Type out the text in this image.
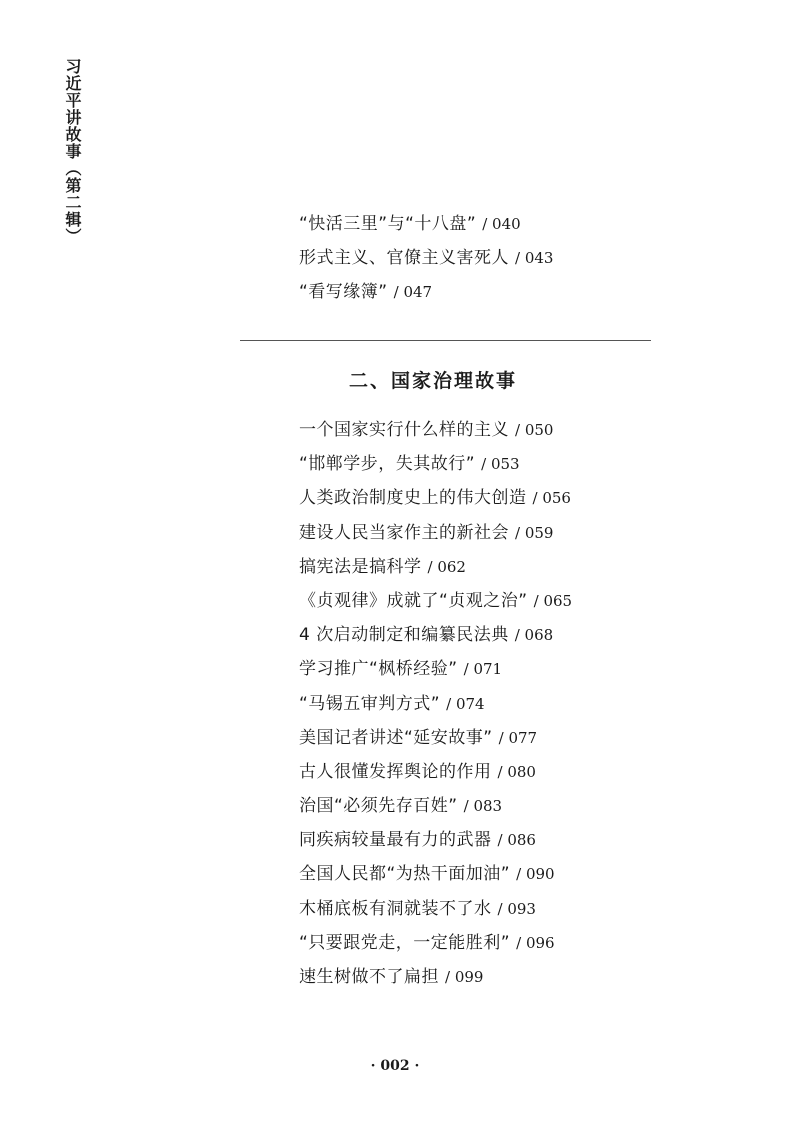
习近平讲故事（第二辑）	“快活三里”与“十八盘” / 040
形式主义、官僚主义害死人 / 043
“看写缘簿” / 047
二、国家治理故事
一个国家实行什么样的主义 / 050
“邯郸学步，失其故行” / 053
人类政治制度史上的伟大创造 / 056
建设人民当家作主的新社会 / 059
搞宪法是搞科学 / 062
《贞观律》成就了“贞观之治” / 065
4 次启动制定和编纂民法典 / 068
学习推广“枫桥经验” / 071
“马锡五审判方式” / 074
美国记者讲述“延安故事” / 077
古人很懂发挥舆论的作用 / 080
治国“必须先存百姓” / 083
同疾病较量最有力的武器 / 086
全国人民都“为热干面加油” / 090
木桶底板有洞就装不了水 / 093
“只要跟党走，一定能胜利” / 096
速生树做不了扁担 / 099
· 002 ·
